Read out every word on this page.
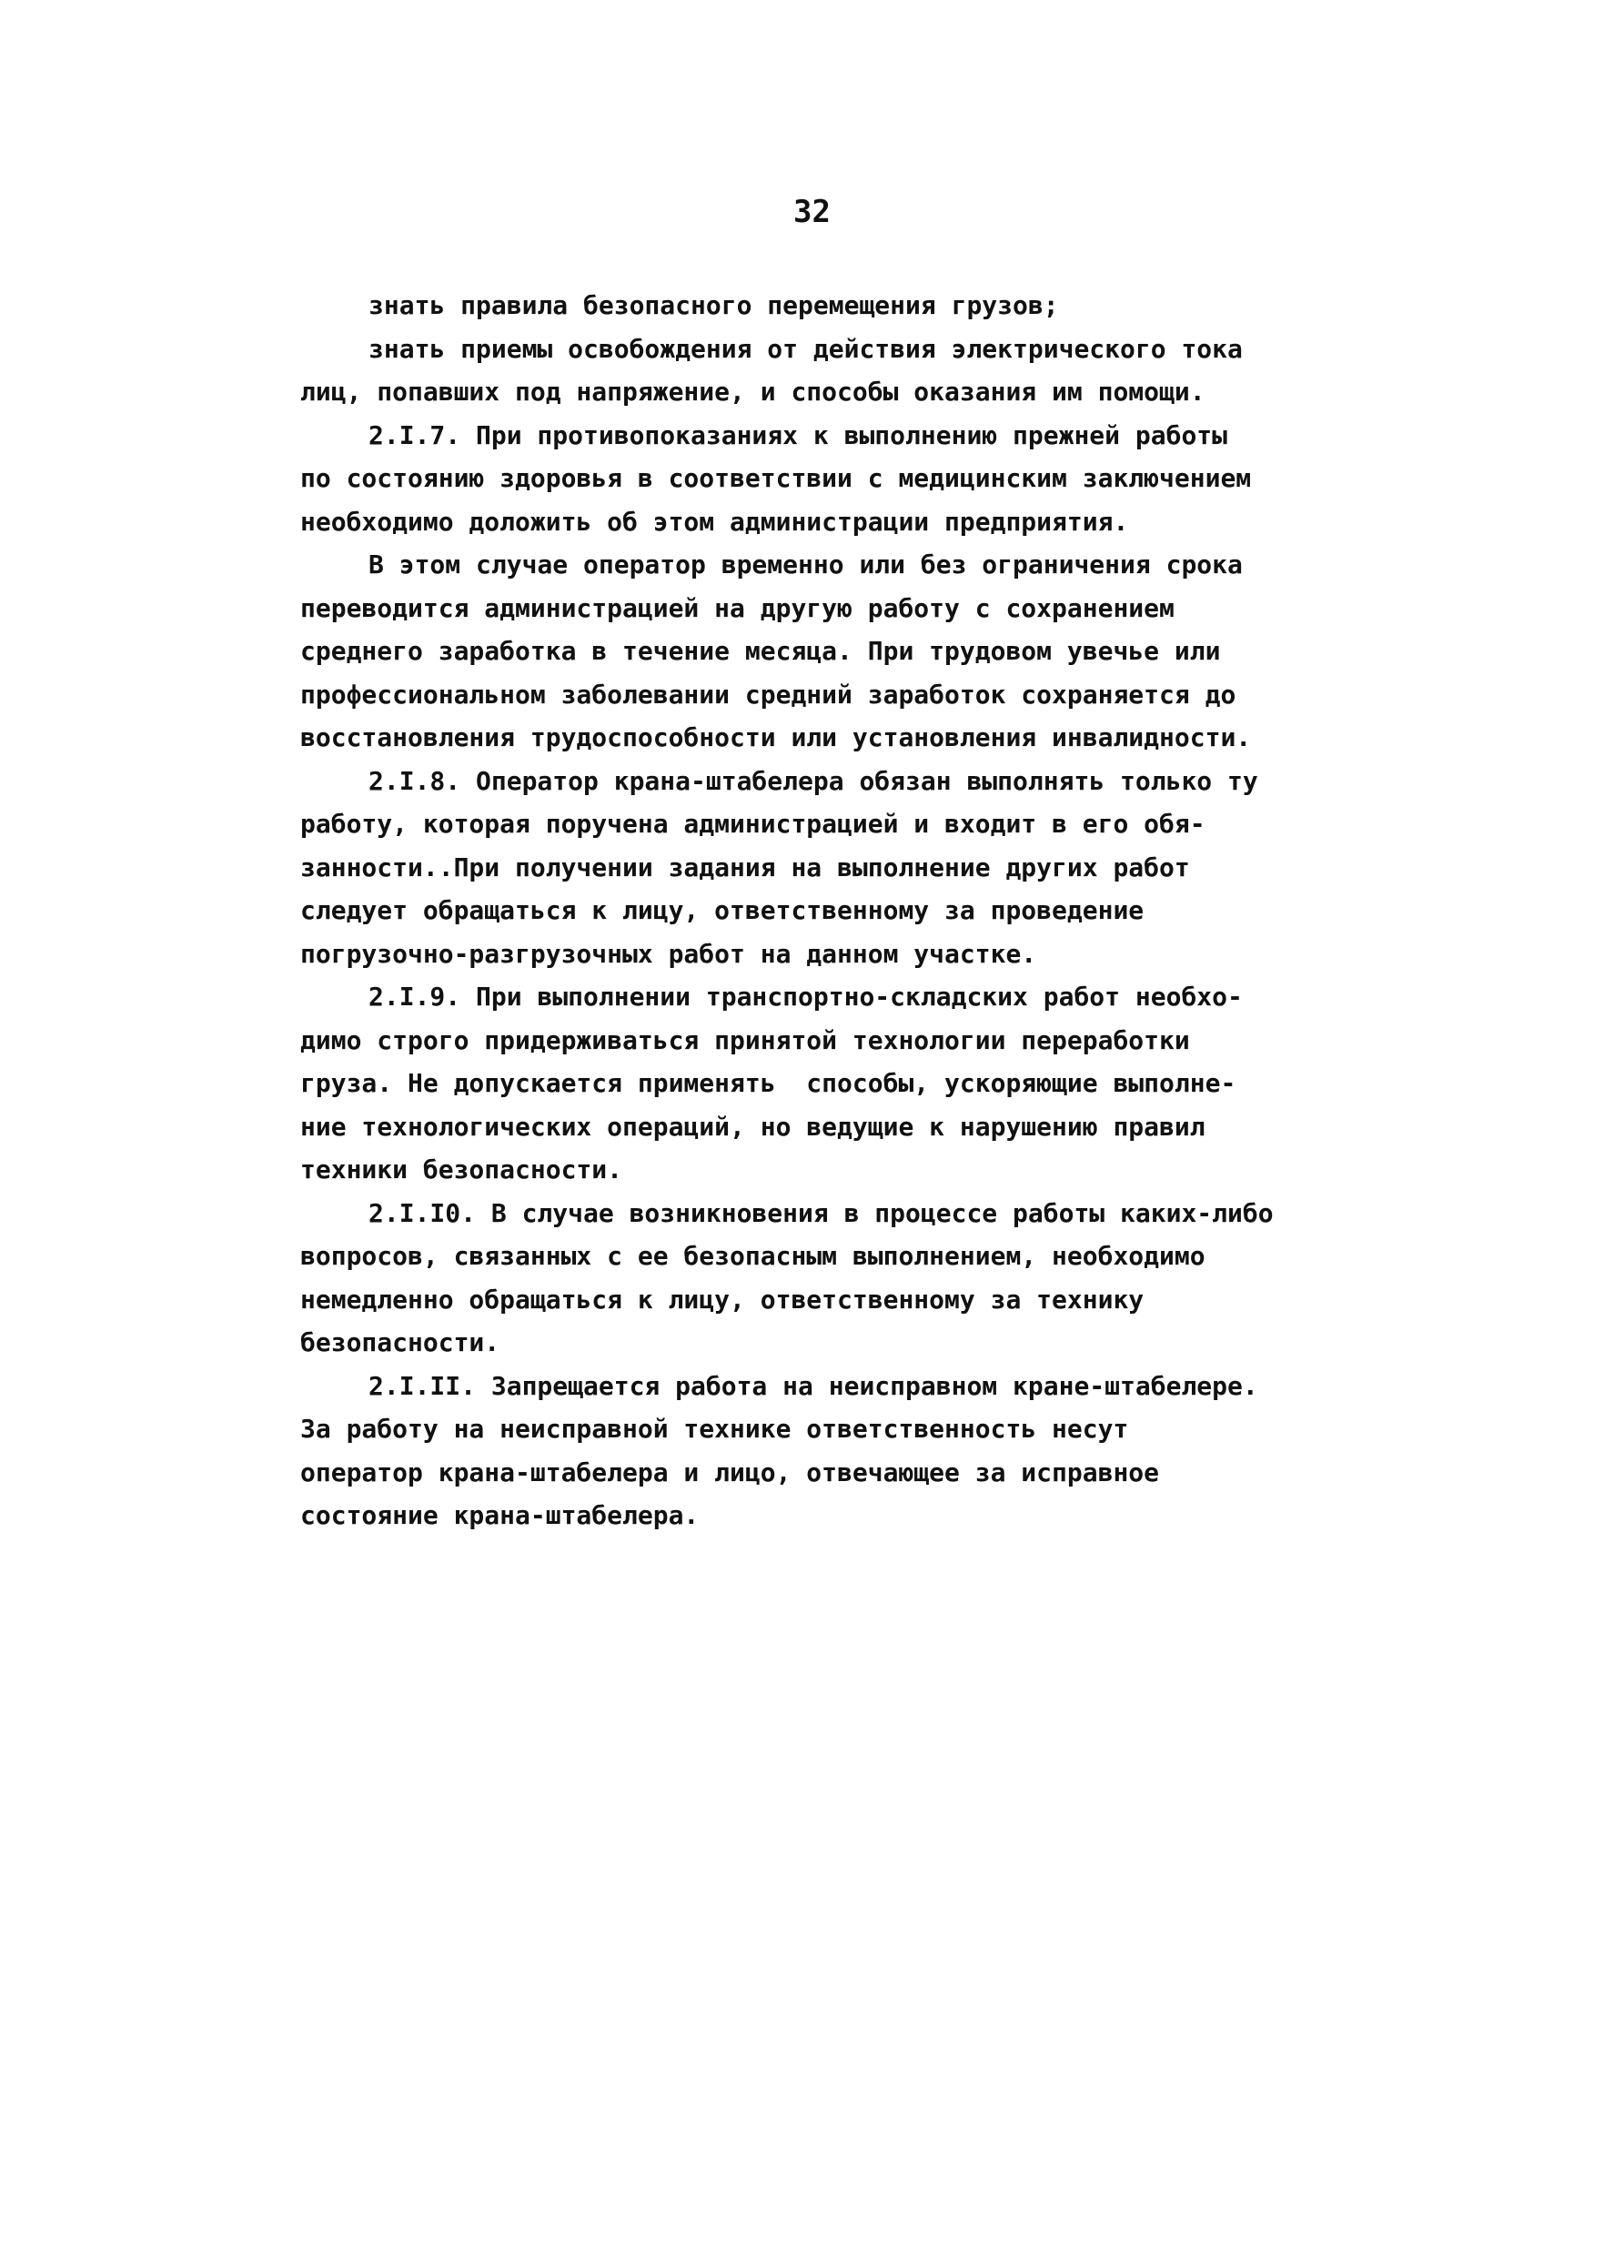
32
знать правила безопасного перемещения грузов;
знать приемы освобождения от действия электрического тока
лиц, попавших под напряжение, и способы оказания им помощи.
2.I.7. При противопоказаниях к выполнению прежней работы
по состоянию здоровья в соответствии с медицинским заключением
необходимо доложить об этом администрации предприятия.
В этом случае оператор временно или без ограничения срока
переводится администрацией на другую работу с сохранением
среднего заработка в течение месяца. При трудовом увечье или
профессиональном заболевании средний заработок сохраняется до
восстановления трудоспособности или установления инвалидности.
2.I.8. Оператор крана-штабелера обязан выполнять только ту
работу, которая поручена администрацией и входит в его обя-
занности..При получении задания на выполнение других работ
следует обращаться к лицу, ответственному за проведение
погрузочно-разгрузочных работ на данном участке.
2.I.9. При выполнении транспортно-складских работ необхо-
димо строго придерживаться принятой технологии переработки
груза. Не допускается применять  способы, ускоряющие выполне-
ние технологических операций, но ведущие к нарушению правил
техники безопасности.
2.I.I0. В случае возникновения в процессе работы каких-либо
вопросов, связанных с ее безопасным выполнением, необходимо
немедленно обращаться к лицу, ответственному за технику
безопасности.
2.I.II. Запрещается работа на неисправном кране-штабелере.
За работу на неисправной технике ответственность несут
оператор крана-штабелера и лицо, отвечающее за исправное
состояние крана-штабелера.
